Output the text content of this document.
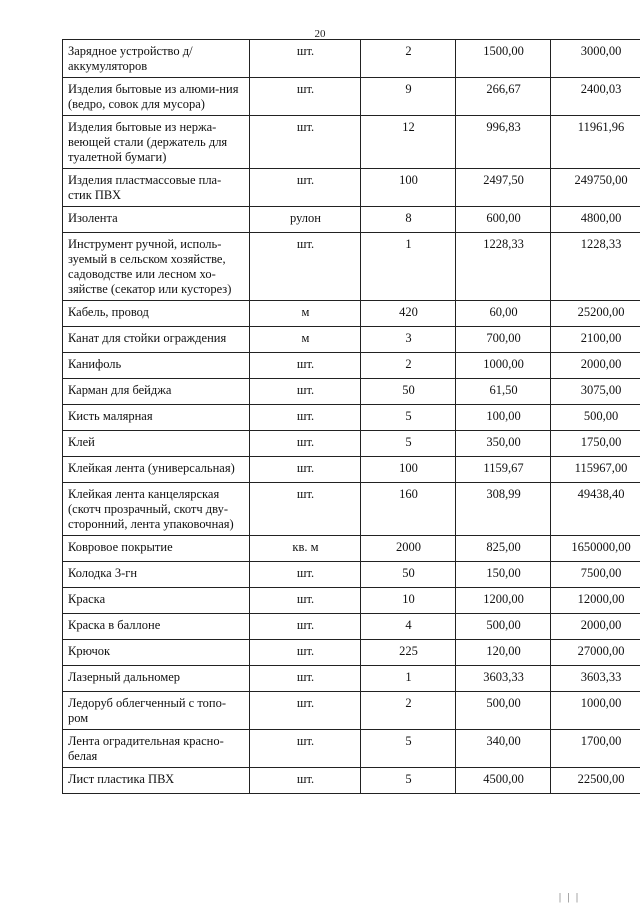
20
Зарядное устройство д/аккумуляторов	шт.	2	1500,00	3000,00
Изделия бытовые из алюми-ния (ведро, совок для мусора)	шт.	9	266,67	2400,03
Изделия бытовые из нержа-веющей стали (держатель для туалетной бумаги)	шт.	12	996,83	11961,96
Изделия пластмассовые пла-стик ПВХ	шт.	100	2497,50	249750,00
Изолента	рулон	8	600,00	4800,00
Инструмент ручной, исполь-зуемый в сельском хозяйстве, садоводстве или лесном хо-зяйстве (секатор или кусторез)	шт.	1	1228,33	1228,33
Кабель, провод	м	420	60,00	25200,00
Канат для стойки ограждения	м	3	700,00	2100,00
Канифоль	шт.	2	1000,00	2000,00
Карман для бейджа	шт.	50	61,50	3075,00
Кисть малярная	шт.	5	100,00	500,00
Клей	шт.	5	350,00	1750,00
Клейкая лента (универсальная)	шт.	100	1159,67	115967,00
Клейкая лента канцелярская (скотч прозрачный, скотч дву-сторонний, лента упаковочная)	шт.	160	308,99	49438,40
Ковровое покрытие	кв. м	2000	825,00	1650000,00
Колодка 3-гн	шт.	50	150,00	7500,00
Краска	шт.	10	1200,00	12000,00
Краска в баллоне	шт.	4	500,00	2000,00
Крючок	шт.	225	120,00	27000,00
Лазерный дальномер	шт.	1	3603,33	3603,33
Ледоруб облегченный с топо-ром	шт.	2	500,00	1000,00
Лента оградительная красно-белая	шт.	5	340,00	1700,00
Лист пластика ПВХ	шт.	5	4500,00	22500,00
| | |
